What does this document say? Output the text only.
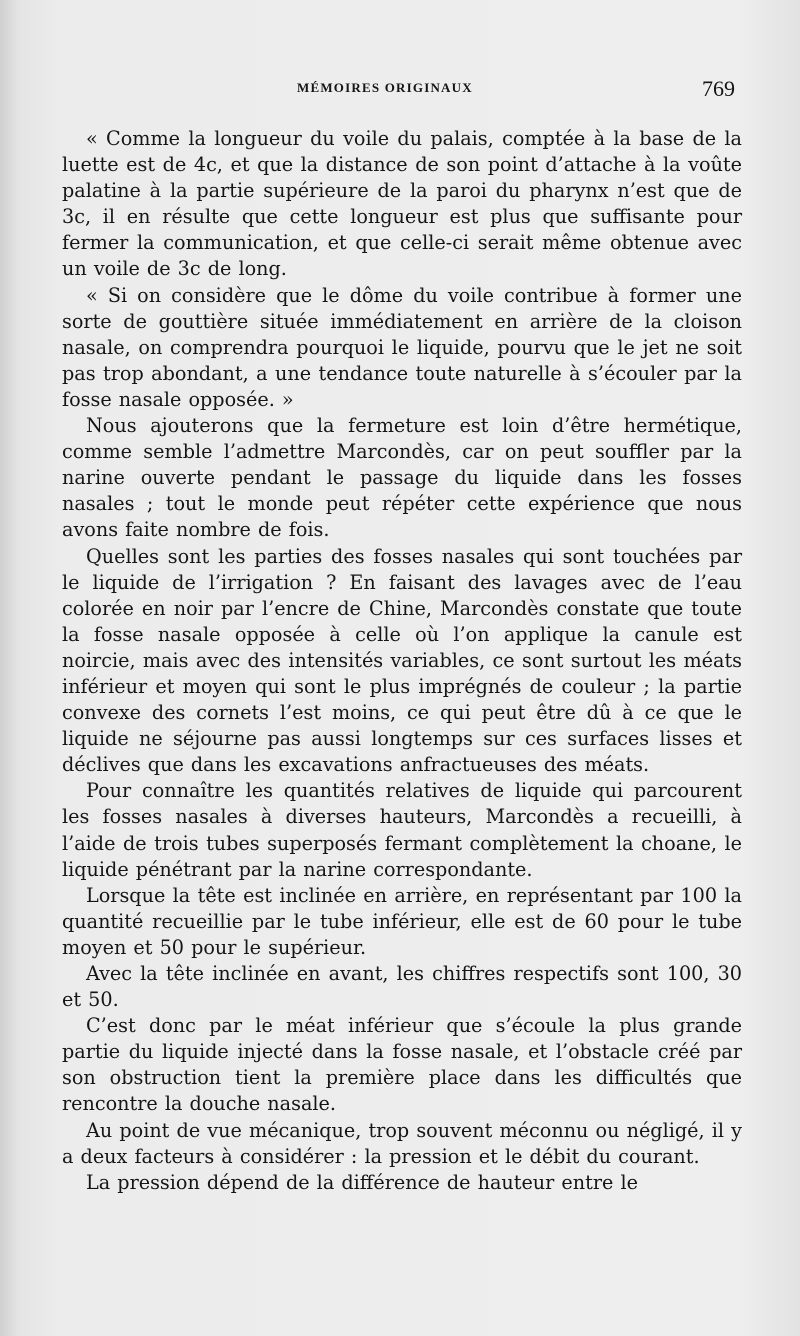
MÉMOIRES ORIGINAUX	769

« Comme la longueur du voile du palais, comptée à la base de la luette est de 4c, et que la distance de son point d’attache à la voûte palatine à la partie supérieure de la paroi du pharynx n’est que de 3c, il en résulte que cette longueur est plus que suffisante pour fermer la communication, et que celle-ci serait même obtenue avec un voile de 3c de long.

« Si on considère que le dôme du voile contribue à former une sorte de gouttière située immédiatement en arrière de la cloison nasale, on comprendra pourquoi le liquide, pourvu que le jet ne soit pas trop abondant, a une tendance toute naturelle à s’écouler par la fosse nasale opposée. »

Nous ajouterons que la fermeture est loin d’être hermétique, comme semble l’admettre Marcondès, car on peut souffler par la narine ouverte pendant le passage du liquide dans les fosses nasales ; tout le monde peut répéter cette expérience que nous avons faite nombre de fois.

Quelles sont les parties des fosses nasales qui sont touchées par le liquide de l’irrigation ? En faisant des lavages avec de l’eau colorée en noir par l’encre de Chine, Marcondès constate que toute la fosse nasale opposée à celle où l’on applique la canule est noircie, mais avec des intensités variables, ce sont surtout les méats inférieur et moyen qui sont le plus imprégnés de couleur ; la partie convexe des cornets l’est moins, ce qui peut être dû à ce que le liquide ne séjourne pas aussi longtemps sur ces surfaces lisses et déclives que dans les excavations anfractueuses des méats.

Pour connaître les quantités relatives de liquide qui parcourent les fosses nasales à diverses hauteurs, Marcondès a recueilli, à l’aide de trois tubes superposés fermant complètement la choane, le liquide pénétrant par la narine correspondante.

Lorsque la tête est inclinée en arrière, en représentant par 100 la quantité recueillie par le tube inférieur, elle est de 60 pour le tube moyen et 50 pour le supérieur.

Avec la tête inclinée en avant, les chiffres respectifs sont 100, 30 et 50.

C’est donc par le méat inférieur que s’écoule la plus grande partie du liquide injecté dans la fosse nasale, et l’obstacle créé par son obstruction tient la première place dans les difficultés que rencontre la douche nasale.

Au point de vue mécanique, trop souvent méconnu ou négligé, il y a deux facteurs à considérer : la pression et le débit du courant.

La pression dépend de la différence de hauteur entre le
